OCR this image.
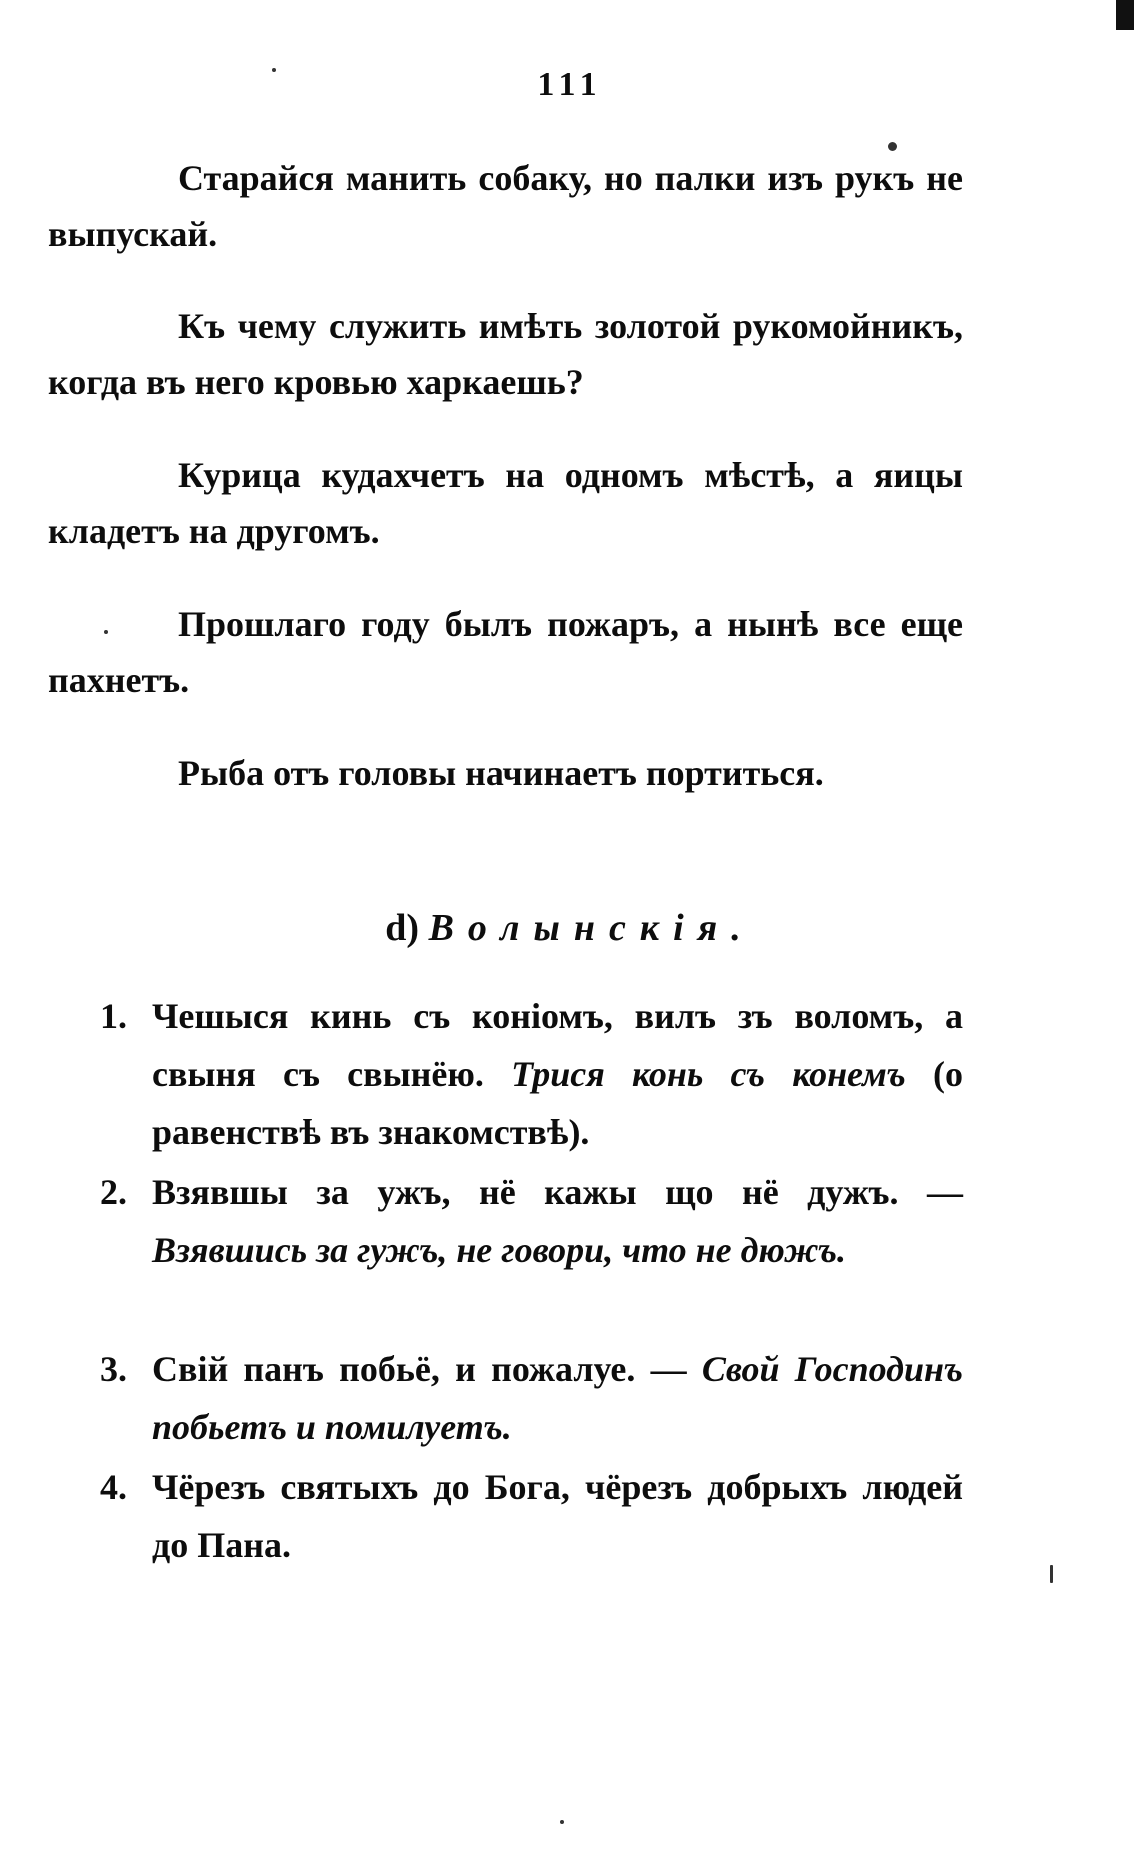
111
Старайся манить собаку, но палки изъ рукъ не выпускай.
Къ чему служить имѣть золотой рукомойникъ, когда въ него кровью харкаешь?
Курица кудахчетъ на одномъ мѣстѣ, а яицы кладетъ на другомъ.
Прошлаго году былъ пожаръ, а нынѣ все еще пахнетъ.
Рыба отъ головы начинаетъ портиться.
d) Волынскія.
1. Чешыся кинь съ коніомъ, вилъ зъ воломъ, а свыня съ свынёю. Трися конь съ конемъ (о равенствѣ въ знакомствѣ).
2. Взявшы за ужъ, нё кажы що нё дужъ. — Взявшись за гужъ, не говори, что не дюжъ.
3. Свій панъ побьё, и пожалуе. — Свой Господинъ побьетъ и помилуетъ.
4. Чёрезъ святыхъ до Бога, чёрезъ добрыхъ людей до Пана.
